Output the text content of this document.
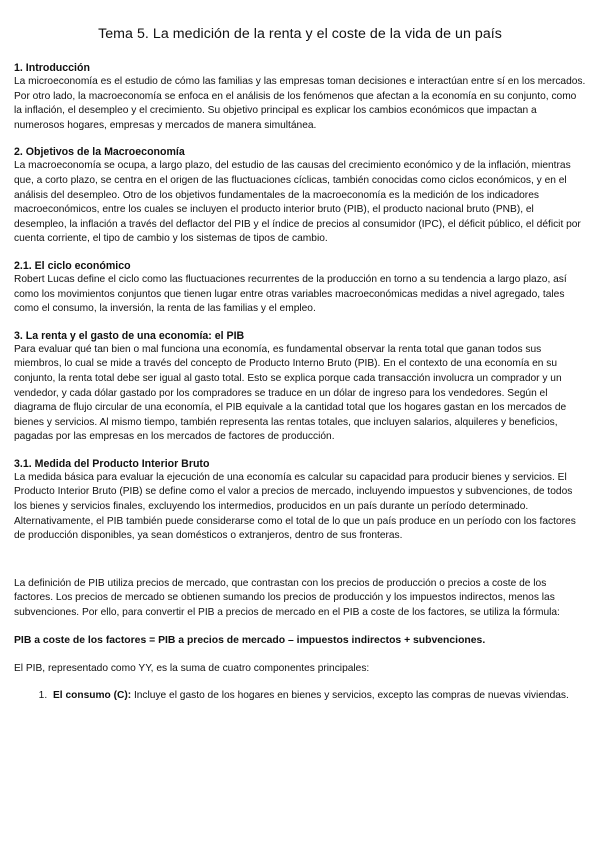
Tema 5. La medición de la renta y el coste de la vida de un país
1. Introducción

La microeconomía es el estudio de cómo las familias y las empresas toman decisiones e interactúan entre sí en los mercados. Por otro lado, la macroeconomía se enfoca en el análisis de los fenómenos que afectan a la economía en su conjunto, como la inflación, el desempleo y el crecimiento. Su objetivo principal es explicar los cambios económicos que impactan a numerosos hogares, empresas y mercados de manera simultánea.

2. Objetivos de la Macroeconomía

La macroeconomía se ocupa, a largo plazo, del estudio de las causas del crecimiento económico y de la inflación, mientras que, a corto plazo, se centra en el origen de las fluctuaciones cíclicas, también conocidas como ciclos económicos, y en el análisis del desempleo. Otro de los objetivos fundamentales de la macroeconomía es la medición de los indicadores macroeconómicos, entre los cuales se incluyen el producto interior bruto (PIB), el producto nacional bruto (PNB), el desempleo, la inflación a través del deflactor del PIB y el índice de precios al consumidor (IPC), el déficit público, el déficit por cuenta corriente, el tipo de cambio y los sistemas de tipos de cambio.

2.1. El ciclo económico

Robert Lucas define el ciclo como las fluctuaciones recurrentes de la producción en torno a su tendencia a largo plazo, así como los movimientos conjuntos que tienen lugar entre otras variables macroeconómicas medidas a nivel agregado, tales como el consumo, la inversión, la renta de las familias y el empleo.

3. La renta y el gasto de una economía: el PIB

Para evaluar qué tan bien o mal funciona una economía, es fundamental observar la renta total que ganan todos sus miembros, lo cual se mide a través del concepto de Producto Interno Bruto (PIB). En el contexto de una economía en su conjunto, la renta total debe ser igual al gasto total. Esto se explica porque cada transacción involucra un comprador y un vendedor, y cada dólar gastado por los compradores se traduce en un dólar de ingreso para los vendedores. Según el diagrama de flujo circular de una economía, el PIB equivale a la cantidad total que los hogares gastan en los mercados de bienes y servicios. Al mismo tiempo, también representa las rentas totales, que incluyen salarios, alquileres y beneficios, pagadas por las empresas en los mercados de factores de producción.

3.1. Medida del Producto Interior Bruto

La medida básica para evaluar la ejecución de una economía es calcular su capacidad para producir bienes y servicios. El Producto Interior Bruto (PIB) se define como el valor a precios de mercado, incluyendo impuestos y subvenciones, de todos los bienes y servicios finales, excluyendo los intermedios, producidos en un país durante un período determinado. Alternativamente, el PIB también puede considerarse como el total de lo que un país produce en un período con los factores de producción disponibles, ya sean domésticos o extranjeros, dentro de sus fronteras.

La definición de PIB utiliza precios de mercado, que contrastan con los precios de producción o precios a coste de los factores. Los precios de mercado se obtienen sumando los precios de producción y los impuestos indirectos, menos las subvenciones. Por ello, para convertir el PIB a precios de mercado en el PIB a coste de los factores, se utiliza la fórmula:

PIB a coste de los factores = PIB a precios de mercado – impuestos indirectos + subvenciones.

El PIB, representado como YY, es la suma de cuatro componentes principales:

1. El consumo (C): Incluye el gasto de los hogares en bienes y servicios, excepto las compras de nuevas viviendas.
